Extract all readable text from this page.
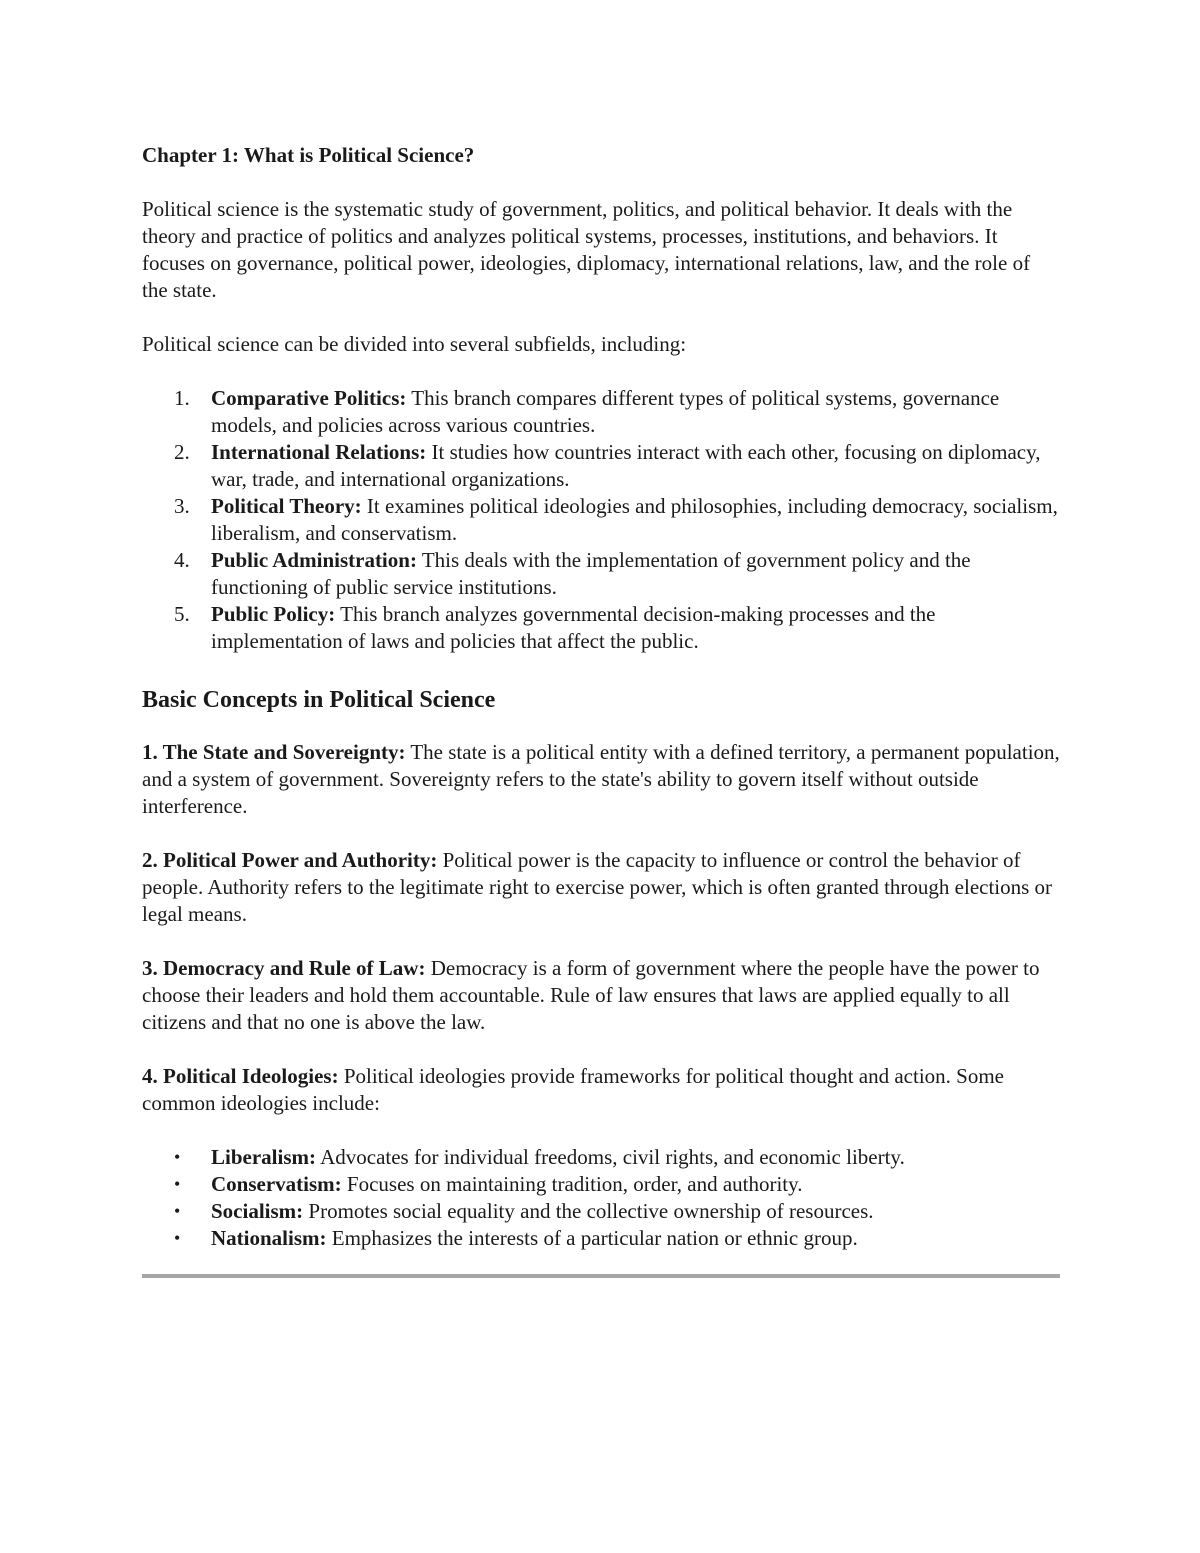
Chapter 1: What is Political Science?

Political science is the systematic study of government, politics, and political behavior. It deals with the theory and practice of politics and analyzes political systems, processes, institutions, and behaviors. It focuses on governance, political power, ideologies, diplomacy, international relations, law, and the role of the state.

Political science can be divided into several subfields, including:

1.	Comparative Politics: This branch compares different types of political systems, governance models, and policies across various countries.
2.	International Relations: It studies how countries interact with each other, focusing on diplomacy, war, trade, and international organizations.
3.	Political Theory: It examines political ideologies and philosophies, including democracy, socialism, liberalism, and conservatism.
4.	Public Administration: This deals with the implementation of government policy and the functioning of public service institutions.
5.	Public Policy: This branch analyzes governmental decision-making processes and the implementation of laws and policies that affect the public.

Basic Concepts in Political Science

1. The State and Sovereignty: The state is a political entity with a defined territory, a permanent population, and a system of government. Sovereignty refers to the state's ability to govern itself without outside interference.

2. Political Power and Authority: Political power is the capacity to influence or control the behavior of people. Authority refers to the legitimate right to exercise power, which is often granted through elections or legal means.

3. Democracy and Rule of Law: Democracy is a form of government where the people have the power to choose their leaders and hold them accountable. Rule of law ensures that laws are applied equally to all citizens and that no one is above the law.

4. Political Ideologies: Political ideologies provide frameworks for political thought and action. Some common ideologies include:

• Liberalism: Advocates for individual freedoms, civil rights, and economic liberty.
• Conservatism: Focuses on maintaining tradition, order, and authority.
• Socialism: Promotes social equality and the collective ownership of resources.
• Nationalism: Emphasizes the interests of a particular nation or ethnic group.
